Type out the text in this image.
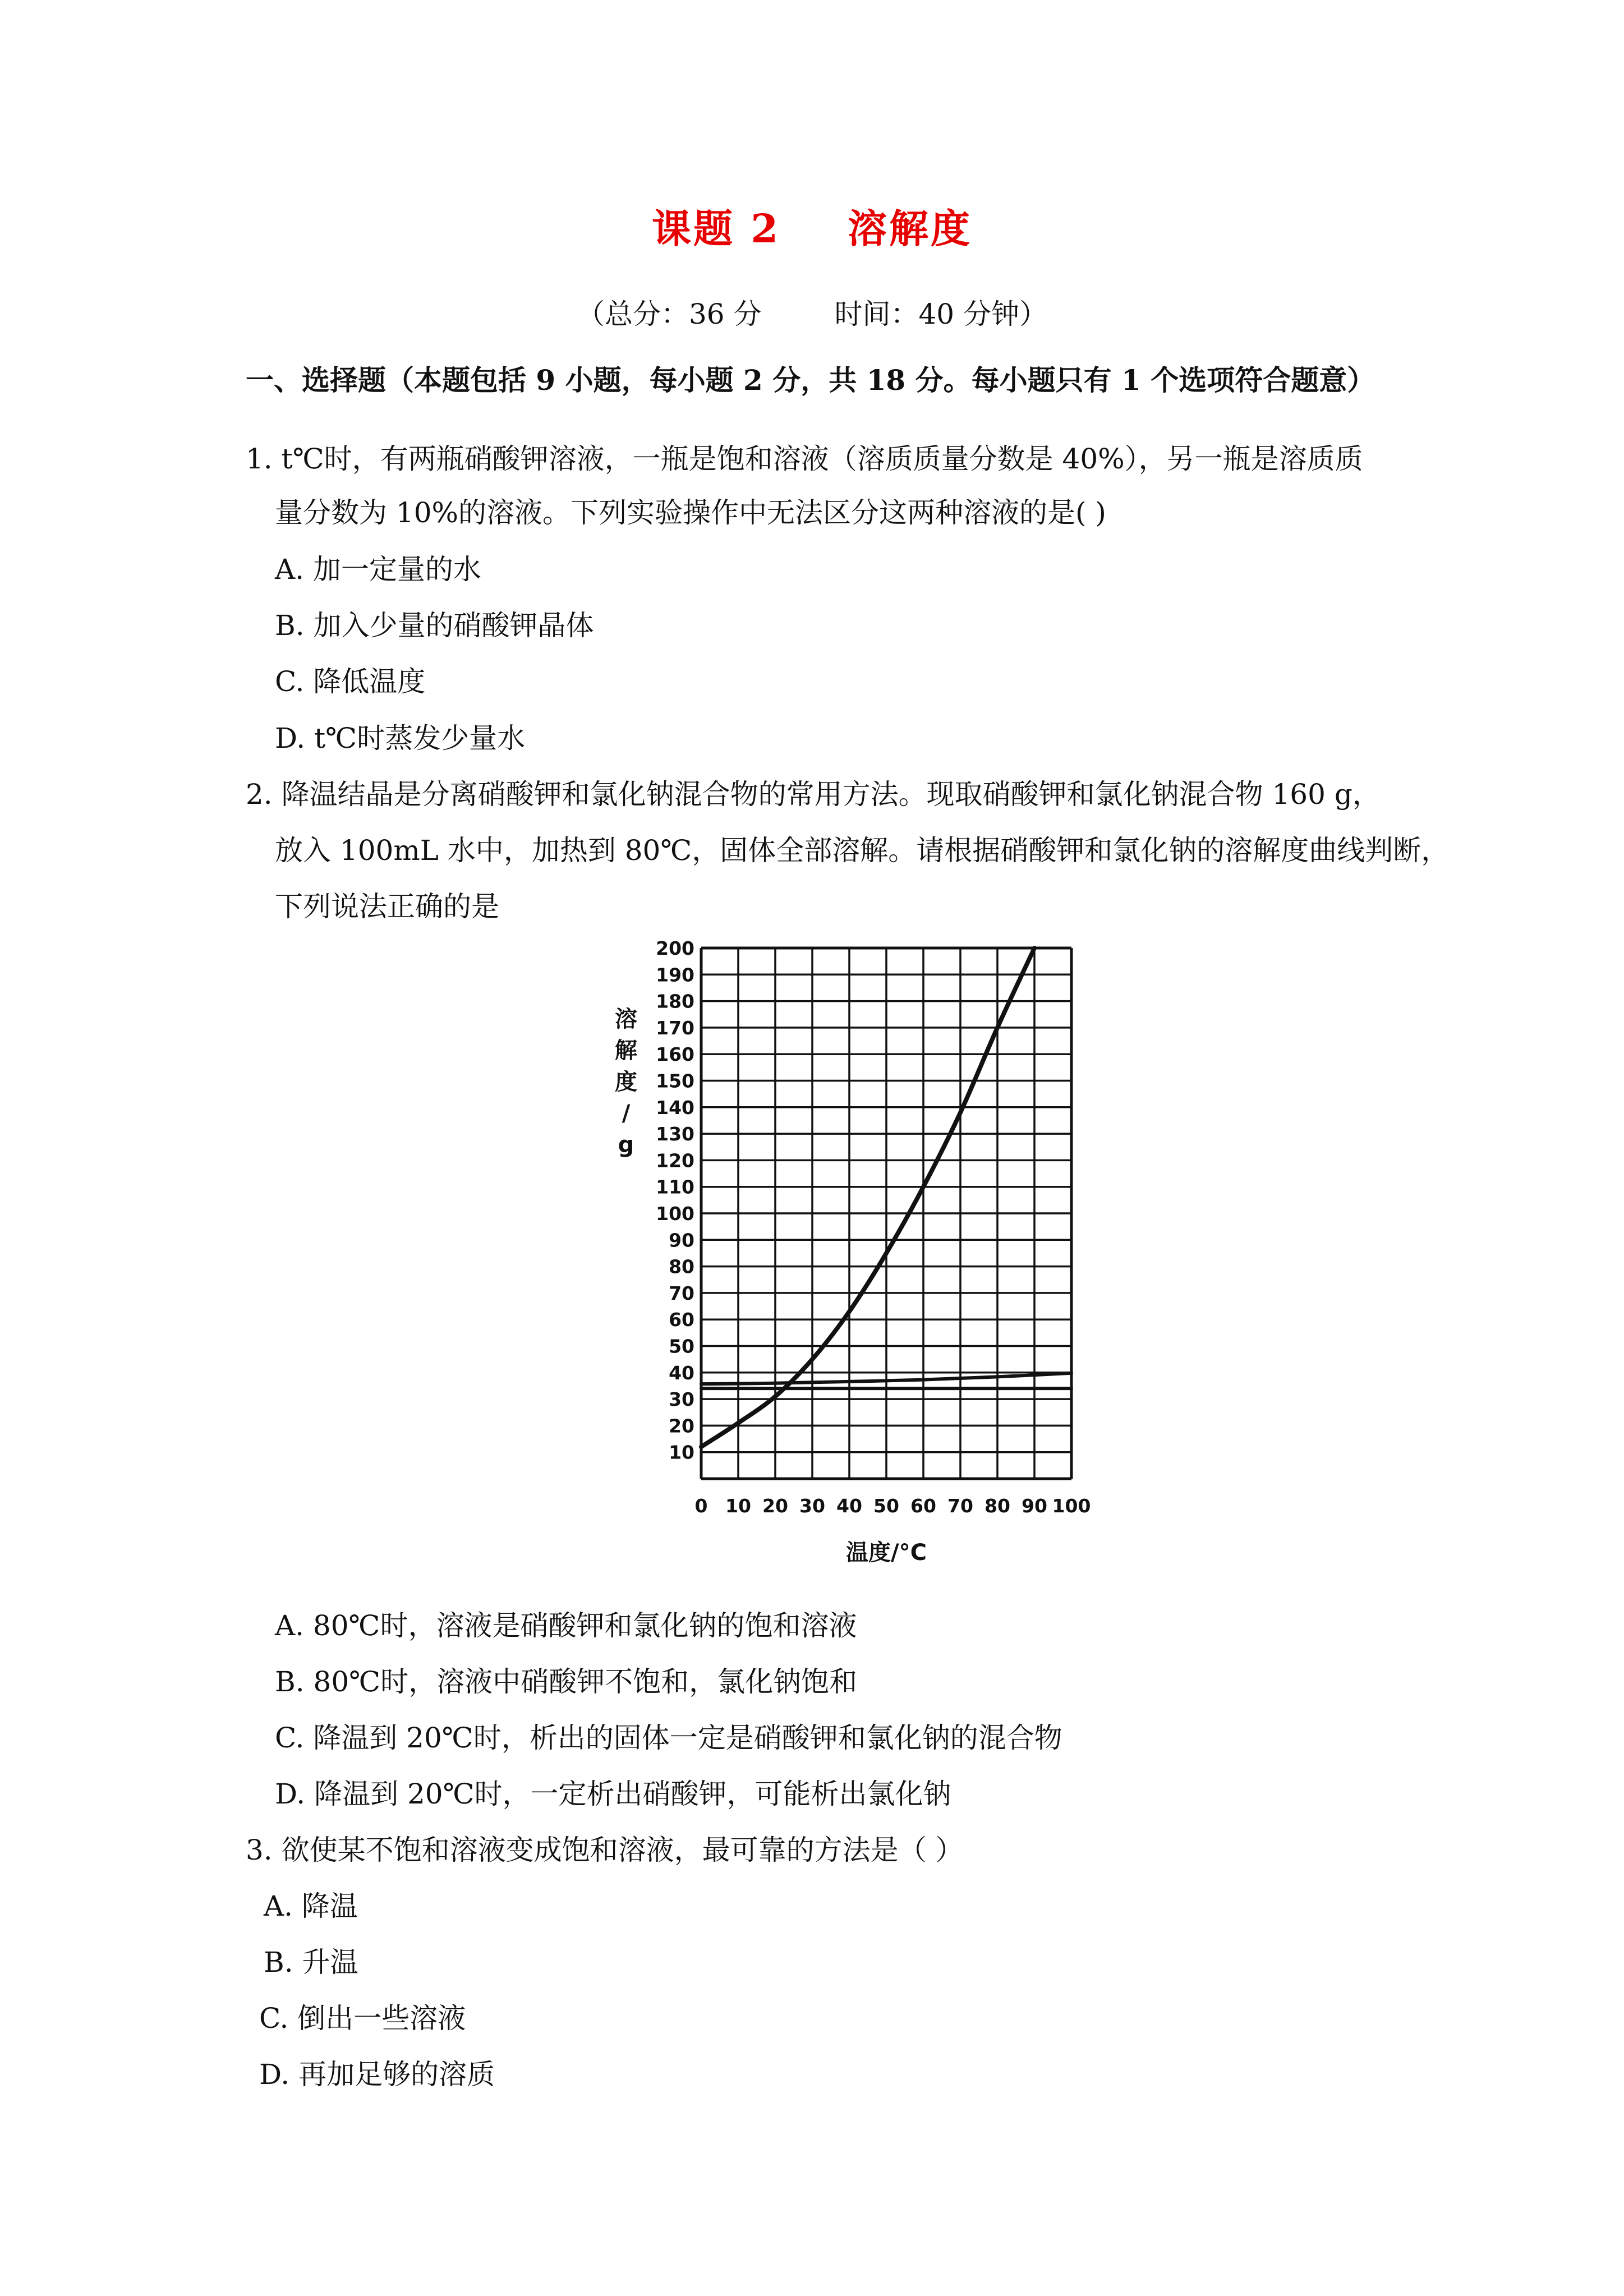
课题 2 溶解度
（总分：36 分	时间：40 分钟）
一、选择题（本题包括 9 小题，每小题 2 分，共 18 分。每小题只有 1 个选项符合题意）
1. t℃时，有两瓶硝酸钾溶液，一瓶是饱和溶液（溶质质量分数是 40%），另一瓶是溶质质
量分数为 10%的溶液。下列实验操作中无法区分这两种溶液的是( )
A. 加一定量的水
B. 加入少量的硝酸钾晶体
C. 降低温度
D. t℃时蒸发少量水
2. 降温结晶是分离硝酸钾和氯化钠混合物的常用方法。现取硝酸钾和氯化钠混合物 160 g，
放入 100mL 水中，加热到 80℃，固体全部溶解。请根据硝酸钾和氯化钠的溶解度曲线判断，
下列说法正确的是
10
20
30
40
50
60
70
80
90
100
110
120
130
140
150
160
170
180
190
200
0 10 20 30 40 50 60 70 80 90 100
温度/°C
溶解度/ g
A. 80℃时，溶液是硝酸钾和氯化钠的饱和溶液
B. 80℃时，溶液中硝酸钾不饱和，氯化钠饱和
C. 降温到 20℃时，析出的固体一定是硝酸钾和氯化钠的混合物
D. 降温到 20℃时，一定析出硝酸钾，可能析出氯化钠
3. 欲使某不饱和溶液变成饱和溶液，最可靠的方法是（ ）
A. 降温
B. 升温
C. 倒出一些溶液
D. 再加足够的溶质
